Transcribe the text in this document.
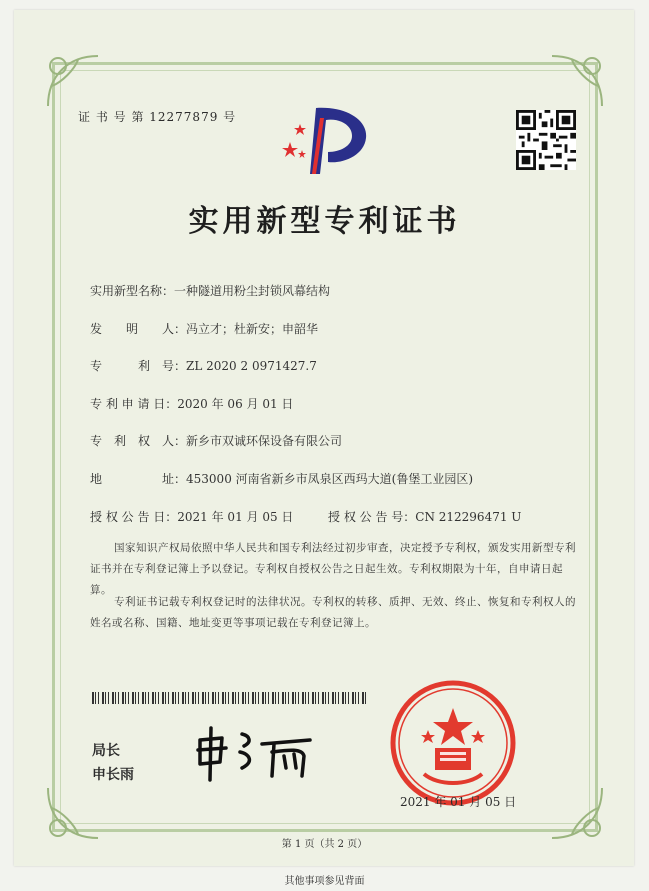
证 书 号 第 12277879 号
实用新型专利证书
实用新型名称：一种隧道用粉尘封锁风幕结构
发　　明　　人：冯立才；杜新安；申韶华
专　　　利　号：ZL 2020 2 0971427.7
专 利 申 请 日：2020 年 06 月 01 日
专　利　权　人：新乡市双诚环保设备有限公司
地　　　　　址：453000 河南省新乡市凤泉区西玛大道(鲁堡工业园区)
授 权 公 告 日：2021 年 01 月 05 日	授 权 公 告 号：CN 212296471 U
国家知识产权局依照中华人民共和国专利法经过初步审查，决定授予专利权，颁发实用新型专利证书并在专利登记簿上予以登记。专利权自授权公告之日起生效。专利权期限为十年，自申请日起算。
专利证书记载专利权登记时的法律状况。专利权的转移、质押、无效、终止、恢复和专利权人的姓名或名称、国籍、地址变更等事项记载在专利登记簿上。
局长
申长雨
2021 年 01 月 05 日
第 1 页（共 2 页）
其他事项参见背面
